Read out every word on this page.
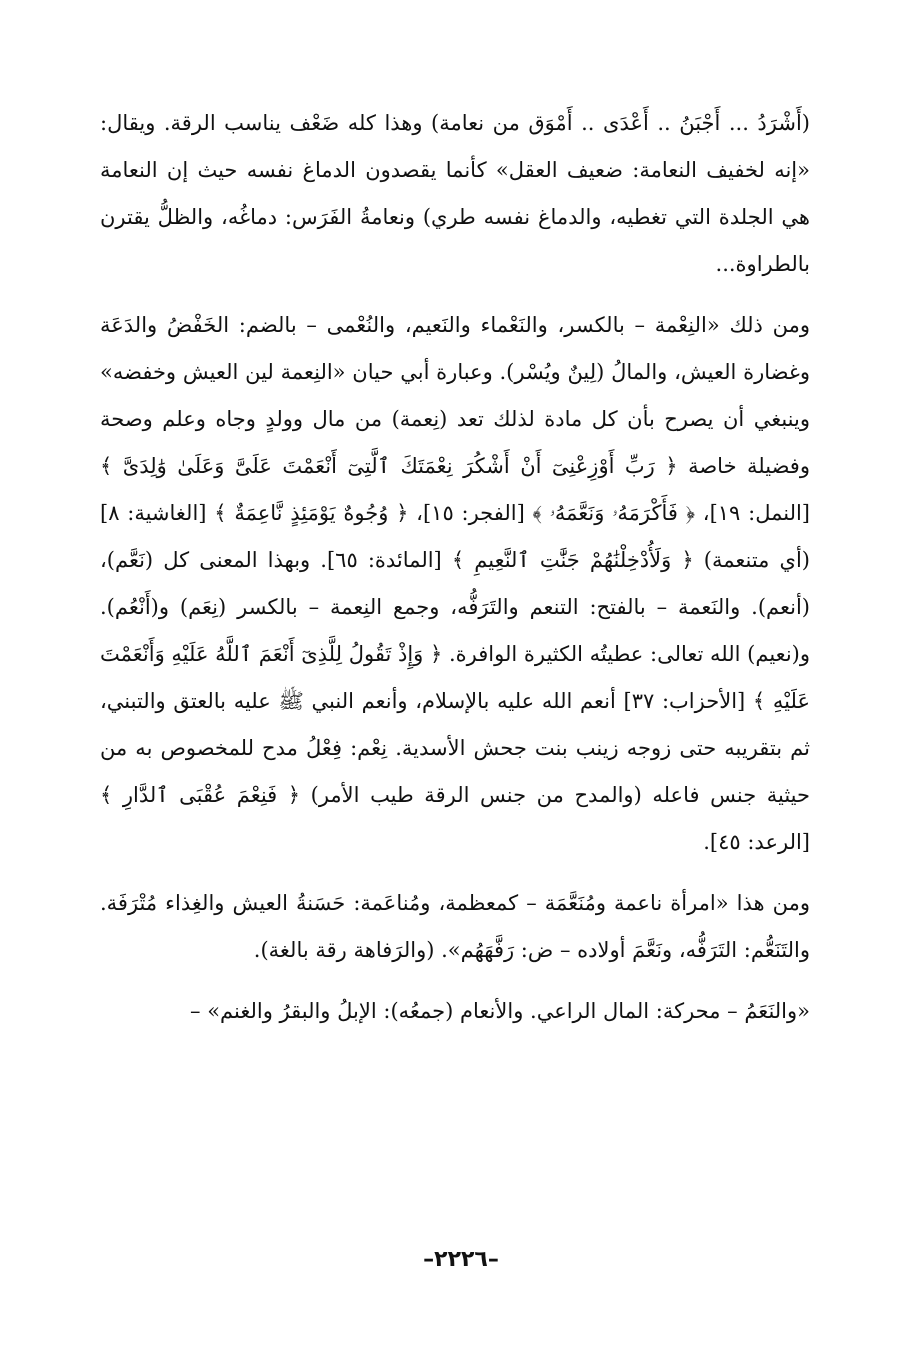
(أَشْرَدُ ... أَجْبَنُ .. أَعْدَى .. أَمْوَق من نعامة) وهذا كله ضَعْف يناسب الرقة. ويقال: «إنه لخفيف النعامة: ضعيف العقل» كأنما يقصدون الدماغ نفسه حيث إن النعامة هي الجلدة التي تغطيه، والدماغ نفسه طري) ونعامةُ الفَرَس: دماغُه، والظلُّ يقترن بالطراوة...

ومن ذلك «النِعْمة – بالكسر، والنَعْماء والنَعيم، والنُعْمى – بالضم: الخَفْضُ والدَعَة وغضارة العيش، والمالُ (لِينٌ ويُسْر). وعبارة أبي حيان «النِعمة لين العيش وخفضه» وينبغي أن يصرح بأن كل مادة لذلك تعد (نِعمة) من مال وولدٍ وجاه وعلم وصحة وفضيلة خاصة ﴿ رَبِّ أَوْزِعْنِىٓ أَنْ أَشْكُرَ نِعْمَتَكَ ٱلَّتِىٓ أَنْعَمْتَ عَلَىَّ وَعَلَىٰ وَٰلِدَىَّ ﴾ [النمل: ١٩]، ﴿ فَأَكْرَمَهُۥ وَنَعَّمَهُۥ ﴾ [الفجر: ١٥]، ﴿ وُجُوهٌ يَوْمَئِذٍ نَّاعِمَةٌ ﴾ [الغاشية: ٨] (أي متنعمة) ﴿ وَلَأُدْخِلْنَٰهُمْ جَنَّٰتِ ٱلنَّعِيمِ ﴾ [المائدة: ٦٥]. وبهذا المعنى كل (نَعَّم)، (أنعم). والنَعمة – بالفتح: التنعم والتَرَفُّه، وجمع النِعمة – بالكسر (نِعَم) و(أَنْعُم). و(نعيم) الله تعالى: عطيتُه الكثيرة الوافرة. ﴿ وَإِذْ تَقُولُ لِلَّذِىٓ أَنْعَمَ ٱللَّهُ عَلَيْهِ وَأَنْعَمْتَ عَلَيْهِ ﴾ [الأحزاب: ٣٧] أنعم الله عليه بالإسلام، وأنعم النبي ﷺ عليه بالعتق والتبني، ثم بتقريبه حتى زوجه زينب بنت جحش الأسدية. نِعْم: فِعْلُ مدح للمخصوص به من حيثية جنس فاعله (والمدح من جنس الرقة طيب الأمر) ﴿ فَنِعْمَ عُقْبَى ٱلدَّارِ ﴾ [الرعد: ٤٥].

ومن هذا «امرأة ناعمة ومُنَعَّمَة – كمعظمة، ومُناعَمة: حَسَنةُ العيش والغِذاء مُتْرَفَة. والتَنَعُّم: التَرَفُّه، ونَعَّمَ أولاده – ض: رَفَّهَهُم». (والرَفاهة رقة بالغة).

«والنَعَمُ – محركة: المال الراعي. والأنعام (جمعُه): الإبلُ والبقرُ والغنم» –

–٢٢٢٦–
